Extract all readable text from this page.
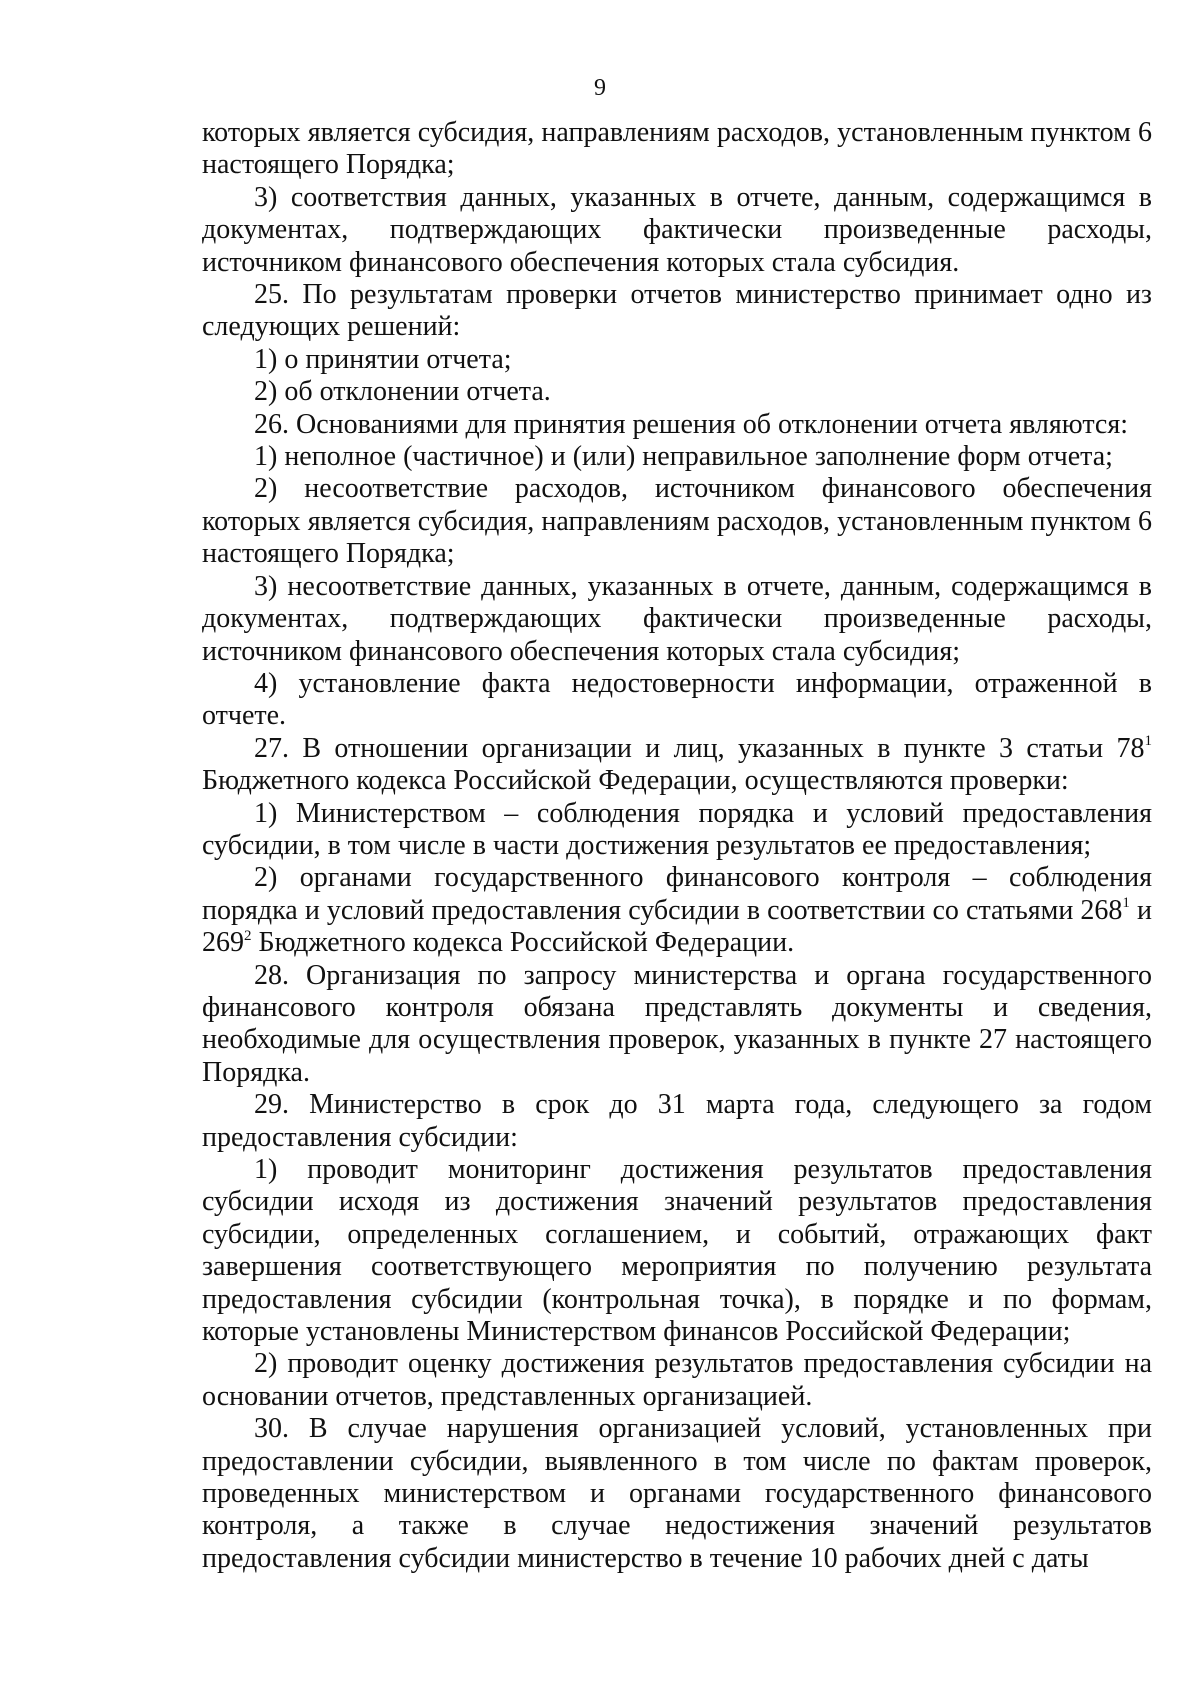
9

которых является субсидия, направлениям расходов, установленным пунктом 6 настоящего Порядка;

3) соответствия данных, указанных в отчете, данным, содержащимся в документах, подтверждающих фактически произведенные расходы, источником финансового обеспечения которых стала субсидия.

25. По результатам проверки отчетов министерство принимает одно из следующих решений:

1) о принятии отчета;

2) об отклонении отчета.

26. Основаниями для принятия решения об отклонении отчета являются:

1) неполное (частичное) и (или) неправильное заполнение форм отчета;

2) несоответствие расходов, источником финансового обеспечения которых является субсидия, направлениям расходов, установленным пунктом 6 настоящего Порядка;

3) несоответствие данных, указанных в отчете, данным, содержащимся в документах, подтверждающих фактически произведенные расходы, источником финансового обеспечения которых стала субсидия;

4) установление факта недостоверности информации, отраженной в отчете.

27. В отношении организации и лиц, указанных в пункте 3 статьи $78^1$ Бюджетного кодекса Российской Федерации, осуществляются проверки:

1) Министерством – соблюдения порядка и условий предоставления субсидии, в том числе в части достижения результатов ее предоставления;

2) органами государственного финансового контроля – соблюдения порядка и условий предоставления субсидии в соответствии со статьями $268^1$ и $269^2$ Бюджетного кодекса Российской Федерации.

28. Организация по запросу министерства и органа государственного финансового контроля обязана представлять документы и сведения, необходимые для осуществления проверок, указанных в пункте 27 настоящего Порядка.

29. Министерство в срок до 31 марта года, следующего за годом предоставления субсидии:

1) проводит мониторинг достижения результатов предоставления субсидии исходя из достижения значений результатов предоставления субсидии, определенных соглашением, и событий, отражающих факт завершения соответствующего мероприятия по получению результата предоставления субсидии (контрольная точка), в порядке и по формам, которые установлены Министерством финансов Российской Федерации;

2) проводит оценку достижения результатов предоставления субсидии на основании отчетов, представленных организацией.

30. В случае нарушения организацией условий, установленных при предоставлении субсидии, выявленного в том числе по фактам проверок, проведенных министерством и органами государственного финансового контроля, а также в случае недостижения значений результатов предоставления субсидии министерство в течение 10 рабочих дней с даты
